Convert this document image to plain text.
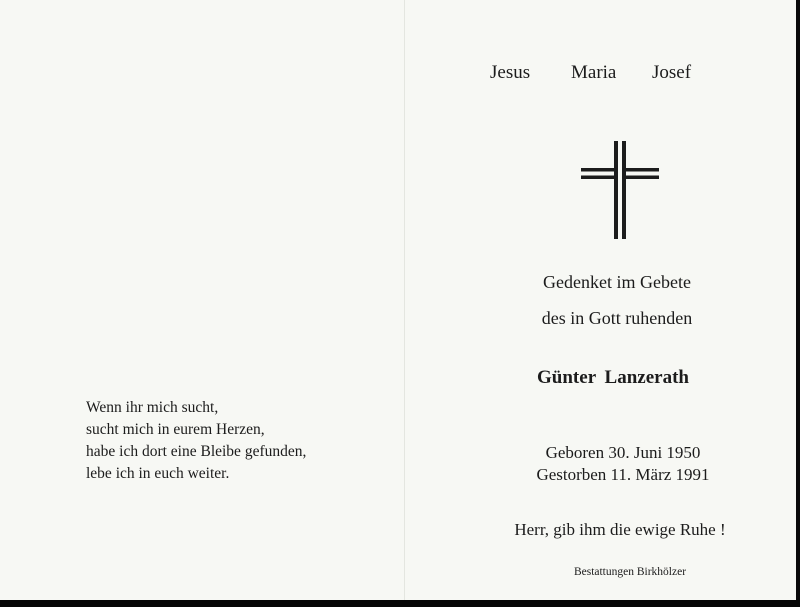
Jesus Maria Josef
Gedenket im Gebete
des in Gott ruhenden
Günter Lanzerath
Geboren 30. Juni 1950
Gestorben 11. März 1991
Herr, gib ihm die ewige Ruhe !
Bestattungen Birkhölzer
Wenn ihr mich sucht,
sucht mich in eurem Herzen,
habe ich dort eine Bleibe gefunden,
lebe ich in euch weiter.
